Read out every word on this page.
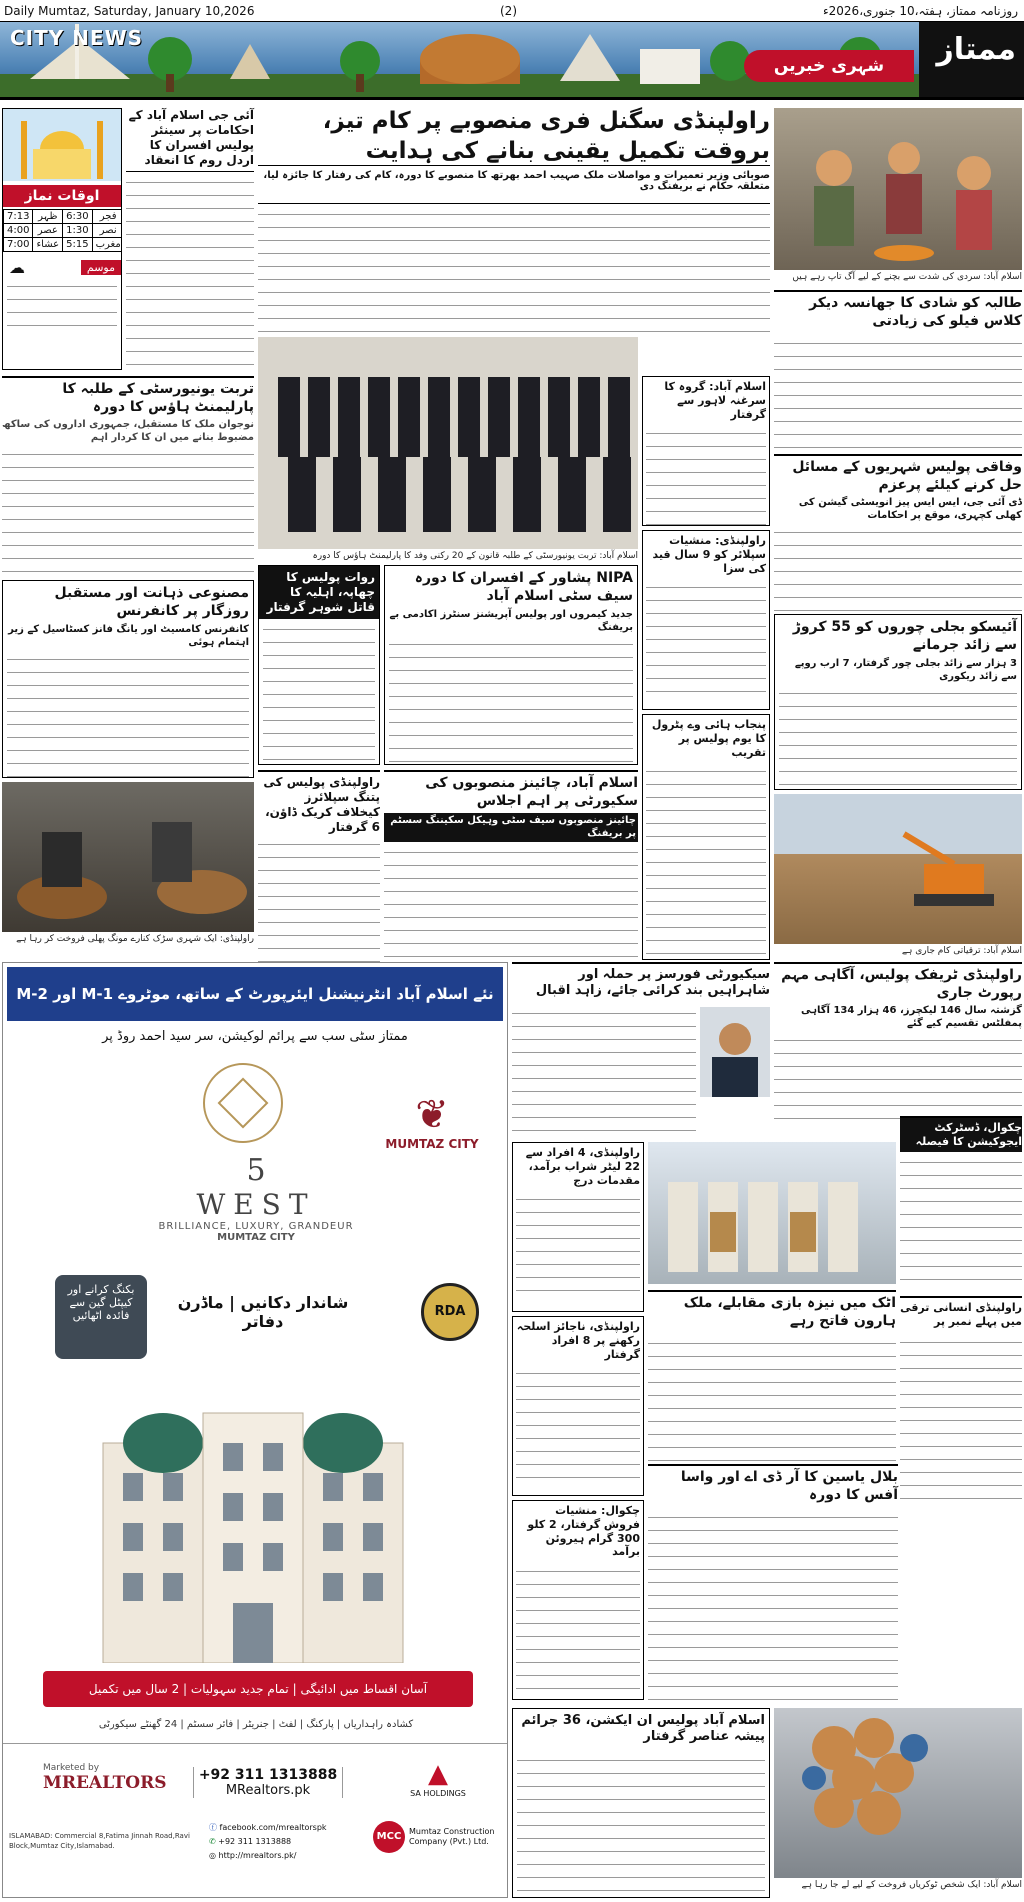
Daily Mumtaz, Saturday, January 10,2026	(2)	روزنامہ ممتاز، ہفتہ،10 جنوری،2026ء
CITY NEWS
شہری خبریں	ممتاز
اوقات نماز
7:13	ظہر	6:30	فجر
4:00	عصر	1:30	نصر
7:00	عشاء	5:15	مغرب
☁	موسم
آئی جی اسلام آباد کے احکامات پر سینئر پولیس افسران کا اردل روم کا انعقاد
راولپنڈی سگنل فری منصوبے پر کام تیز، بروقت تکمیل یقینی بنانے کی ہدایت
صوبائی وزیر تعمیرات و مواصلات ملک صہیب احمد بھرتھ کا منصوبے کا دورہ، کام کی رفتار کا جائزہ لیا، متعلقہ حکام نے بریفنگ دی
اسلام آباد: تربت یونیورسٹی کے طلبہ قانون کے 20 رکنی وفد کا پارلیمنٹ ہاؤس کا دورہ
تربت یونیورسٹی کے طلبہ کا پارلیمنٹ ہاؤس کا دورہ
نوجوان ملک کا مستقبل، جمہوری اداروں کی ساکھ مضبوط بنانے میں ان کا کردار اہم
مصنوعی ذہانت اور مستقبل روزگار پر کانفرنس
کانفرنس کامسیٹ اور یانگ فانز کسٹاسیل کے زیر اہتمام ہوئی
راولپنڈی: ایک شہری سڑک کنارے مونگ پھلی فروخت کر رہا ہے
روات پولیس کا چھاپہ، اہلیہ کا قاتل شوہر گرفتار
NIPA پشاور کے افسران کا دورہ سیف سٹی اسلام آباد
جدید کیمروں اور پولیس آپریشنز سنٹرز اکادمی بے بریفنگ
راولپنڈی پولیس کی پتنگ سپلائرز کیخلاف کریک ڈاؤن، 6 گرفتار
اسلام آباد، چائینز منصوبوں کی سکیورٹی پر اہم اجلاس
چائینز منصوبوں سیف سٹی وہیکل سکیننگ سسٹم پر بریفنگ
اسلام آباد: گروہ کا سرغنہ لاہور سے گرفتار
راولپنڈی: منشیات سپلائر کو 9 سال قید کی سزا
پنجاب ہائی وے پٹرول کا یوم پولیس پر تقریب
اسلام آباد: سردی کی شدت سے بچنے کے لیے آگ تاپ رہے ہیں
طالبہ کو شادی کا جھانسہ دیکر کلاس فیلو کی زیادتی
وفاقی پولیس شہریوں کے مسائل حل کرنے کیلئے پرعزم
ڈی آئی جی، ایس ایس پیز انویسٹی گیشن کی کھلی کچہری، موقع پر احکامات
آئیسکو بجلی چوروں کو 55 کروڑ سے زائد جرمانے
3 ہزار سے زائد بجلی چور گرفتار، 7 ارب روپے سے زائد ریکوری
اسلام آباد: ترقیاتی کام جاری ہے
سیکیورٹی فورسز پر حملہ اور شاہراہیں بند کرائی جائے، زاہد اقبال
راولپنڈی ٹریفک پولیس، آگاہی مہم رپورٹ جاری
گزشتہ سال 146 لیکچرز، 46 ہزار 134 آگاہی پمفلٹس تقسیم کیے گئے
راولپنڈی، 4 افراد سے 22 لیٹر شراب برآمد، مقدمات درج
چکوال، ڈسٹرکٹ ایجوکیشن کا فیصلہ
اٹک میں نیزہ بازی مقابلے، ملک ہارون فاتح رہے
راولپنڈی، ناجائز اسلحہ رکھنے پر 8 افراد گرفتار
راولپنڈی انسانی ترقی میں پہلے نمبر پر
چکوال: منشیات فروش گرفتار، 2 کلو 300 گرام ہیروئن برآمد
بلال یاسین کا آر ڈی اے اور واسا آفس کا دورہ
اسلام آباد پولیس ان ایکشن، 36 جرائم پیشہ عناصر گرفتار
اسلام آباد: ایک شخص ٹوکریاں فروخت کے لیے لے جا رہا ہے
نئے اسلام آباد انٹرنیشنل ایئرپورٹ کے ساتھ، موٹروے M-1 اور M-2 کے سنگم پر
ممتاز سٹی سب سے پرائم لوکیشن، سر سید احمد روڈ پر
❦
MUMTAZ CITY
5
WEST
BRILLIANCE, LUXURY, GRANDEUR
MUMTAZ CITY
بکنگ کرانے اور کیپٹل گین سے فائدہ اٹھائیں
شاندار دکانیں | ماڈرن دفاتر
RDA
آسان اقساط میں ادائیگی | تمام جدید سہولیات | 2 سال میں تکمیل
کشادہ راہداریاں | پارکنگ | لفٹ | جنریٹر | فائر سسٹم | 24 گھنٹے سیکورٹی
Marketed by
MREALTORS	+92 311 1313888
MRealtors.pk
▲
SA HOLDINGS
ISLAMABAD: Commercial 8,Fatima Jinnah Road,Ravi Block,Mumtaz City,Islamabad.
ⓕ facebook.com/mrealtorspk
✆ +92 311 1313888
◎ http://mrealtors.pk/
MCC Mumtaz Construction Company (Pvt.) Ltd.
